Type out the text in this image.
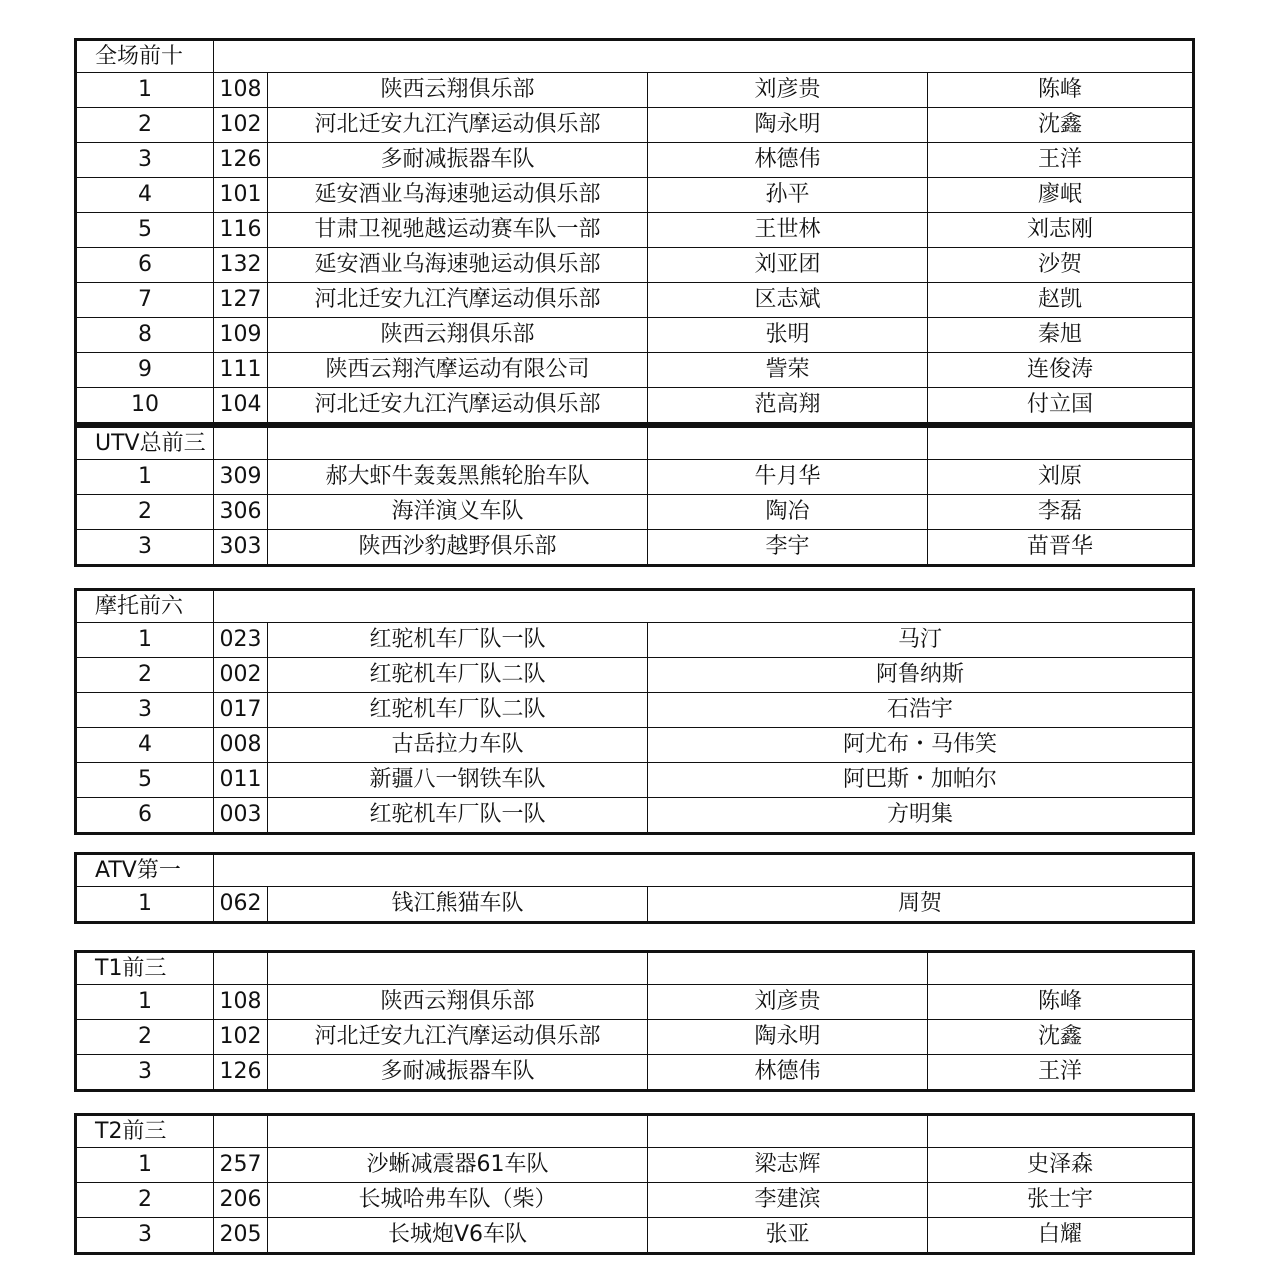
全场前十				
1	108	陕西云翔俱乐部	刘彦贵	陈峰
2	102	河北迁安九江汽摩运动俱乐部	陶永明	沈鑫
3	126	多耐减振器车队	林德伟	王洋
4	101	延安酒业乌海速驰运动俱乐部	孙平	廖岷
5	116	甘肃卫视驰越运动赛车队一部	王世林	刘志刚
6	132	延安酒业乌海速驰运动俱乐部	刘亚团	沙贺
7	127	河北迁安九江汽摩运动俱乐部	区志斌	赵凯
8	109	陕西云翔俱乐部	张明	秦旭
9	111	陕西云翔汽摩运动有限公司	訾荣	连俊涛
10	104	河北迁安九江汽摩运动俱乐部	范高翔	付立国
UTV总前三				
1	309	郝大虾牛轰轰黑熊轮胎车队	牛月华	刘原
2	306	海洋演义车队	陶冶	李磊
3	303	陕西沙豹越野俱乐部	李宇	苗晋华
摩托前六			
1	023	红驼机车厂队一队	马汀
2	002	红驼机车厂队二队	阿鲁纳斯
3	017	红驼机车厂队二队	石浩宇
4	008	古岳拉力车队	阿尤布・马伟笑
5	011	新疆八一钢铁车队	阿巴斯・加帕尔
6	003	红驼机车厂队一队	方明集
ATV第一			
1	062	钱江熊猫车队	周贺
T1前三				
1	108	陕西云翔俱乐部	刘彦贵	陈峰
2	102	河北迁安九江汽摩运动俱乐部	陶永明	沈鑫
3	126	多耐减振器车队	林德伟	王洋
T2前三				
1	257	沙蜥减震器61车队	梁志辉	史泽森
2	206	长城哈弗车队（柴）	李建滨	张士宇
3	205	长城炮V6车队	张亚	白耀
